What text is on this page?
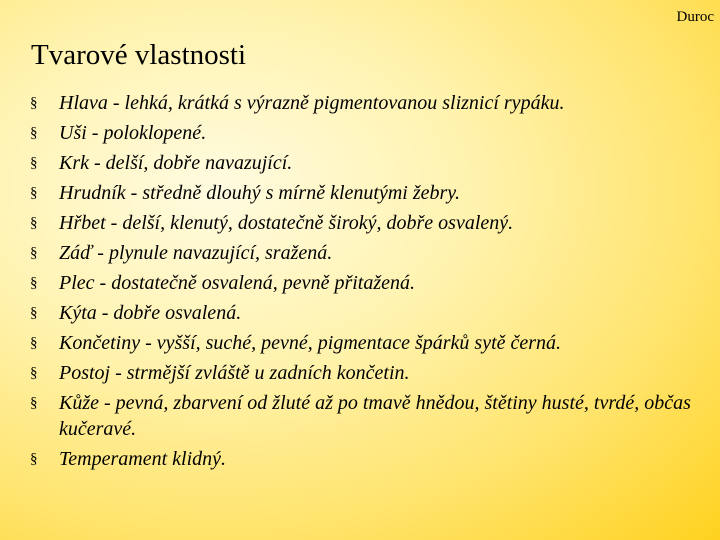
Duroc
Tvarové vlastnosti
§ Hlava - lehká, krátká s výrazně pigmentovanou sliznicí rypáku.
§ Uši - poloklopené.
§ Krk - delší, dobře navazující.
§ Hrudník - středně dlouhý s mírně klenutými žebry.
§ Hřbet - delší, klenutý, dostatečně široký, dobře osvalený.
§ Záď - plynule navazující, sražená.
§ Plec - dostatečně osvalená, pevně přitažená.
§ Kýta - dobře osvalená.
§ Končetiny - vyšší, suché, pevné, pigmentace špárků sytě černá.
§ Postoj - strmější zvláště u zadních končetin.
§ Kůže - pevná, zbarvení od žluté až po tmavě hnědou, štětiny husté, tvrdé, občas kučeravé.
§ Temperament klidný.
